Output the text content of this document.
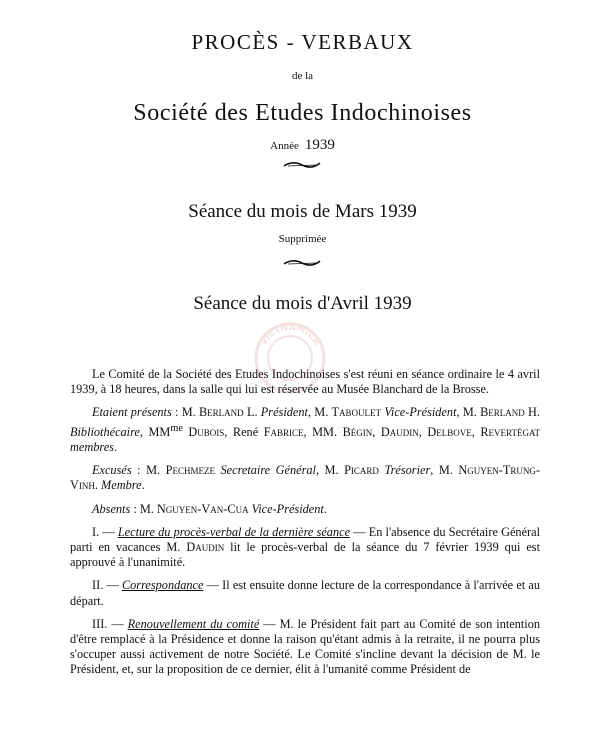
PROCÈS - VERBAUX
de la
Société des Etudes Indochinoises
Année 1939
Séance du mois de Mars 1939
Supprimée
Séance du mois d'Avril 1939
VIETNAMICA

Le Comité de la Société des Etudes Indochinoises s'est réuni en séance ordinaire le 4 avril 1939, à 18 heures, dans la salle qui lui est réservée au Musée Blanchard de la Brosse.

Etaient présents : M. Berland L. Président, M. Taboulet Vice-Président, M. Berland H. Bibliothécaire, $MM^{me}$ Dubois, René Fabrice, MM. Bégin, Daudin, Delbove, Revertégat membres.

Excusés : M. Pechmeze Secretaire Général, M. Picard Trésorier, M. Nguyen-Trung-Vinh. Membre.

Absents : M. Nguyen-Van-Cua Vice-Président.

I. — Lecture du procès-verbal de la dernière séance — En l'absence du Secrétaire Général parti en vacances M. Daudin lit le procès-verbal de la séance du 7 février 1939 qui est approuvé à l'unanimité.

II. — Correspondance — Il est ensuite donne lecture de la correspondance à l'arrivée et au départ.

III. — Renouvellement du comité — M. le Président fait part au Comité de son intention d'être remplacé à la Présidence et donne la raison qu'étant admis à la retraite, il ne pourra plus s'occuper aussi activement de notre Société. Le Comité s'incline devant la décision de M. le Président, et, sur la proposition de ce dernier, élit à l'umanité comme Président de
